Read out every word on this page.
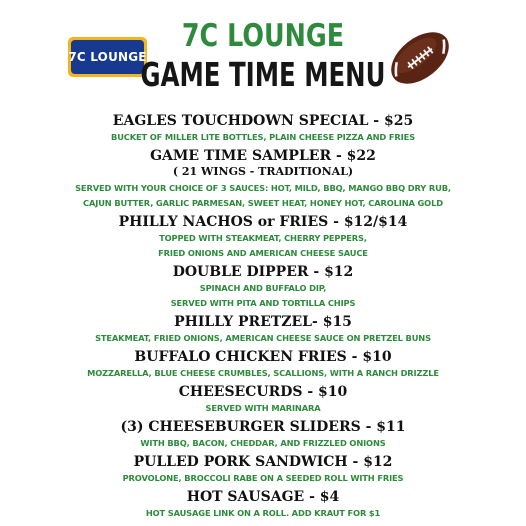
7C LOUNGE
7C LOUNGE
GAME TIME MENU
EAGLES TOUCHDOWN SPECIAL - $25
BUCKET OF MILLER LITE BOTTLES, PLAIN CHEESE PIZZA AND FRIES
GAME TIME SAMPLER - $22
( 21 WINGS - TRADITIONAL)
SERVED WITH YOUR CHOICE OF 3 SAUCES: HOT, MILD, BBQ, MANGO BBQ DRY RUB,
CAJUN BUTTER, GARLIC PARMESAN, SWEET HEAT, HONEY HOT, CAROLINA GOLD
PHILLY NACHOS or FRIES - $12/$14
TOPPED WITH STEAKMEAT, CHERRY PEPPERS,
FRIED ONIONS AND AMERICAN CHEESE SAUCE
DOUBLE DIPPER - $12
SPINACH AND BUFFALO DIP,
SERVED WITH PITA AND TORTILLA CHIPS
PHILLY PRETZEL- $15
STEAKMEAT, FRIED ONIONS, AMERICAN CHEESE SAUCE ON PRETZEL BUNS
BUFFALO CHICKEN FRIES - $10
MOZZARELLA, BLUE CHEESE CRUMBLES, SCALLIONS, WITH A RANCH DRIZZLE
CHEESECURDS - $10
SERVED WITH MARINARA
(3) CHEESEBURGER SLIDERS - $11
WITH BBQ, BACON, CHEDDAR, AND FRIZZLED ONIONS
PULLED PORK SANDWICH - $12
PROVOLONE, BROCCOLI RABE ON A SEEDED ROLL WITH FRIES
HOT SAUSAGE - $4
HOT SAUSAGE LINK ON A ROLL. ADD KRAUT FOR $1
